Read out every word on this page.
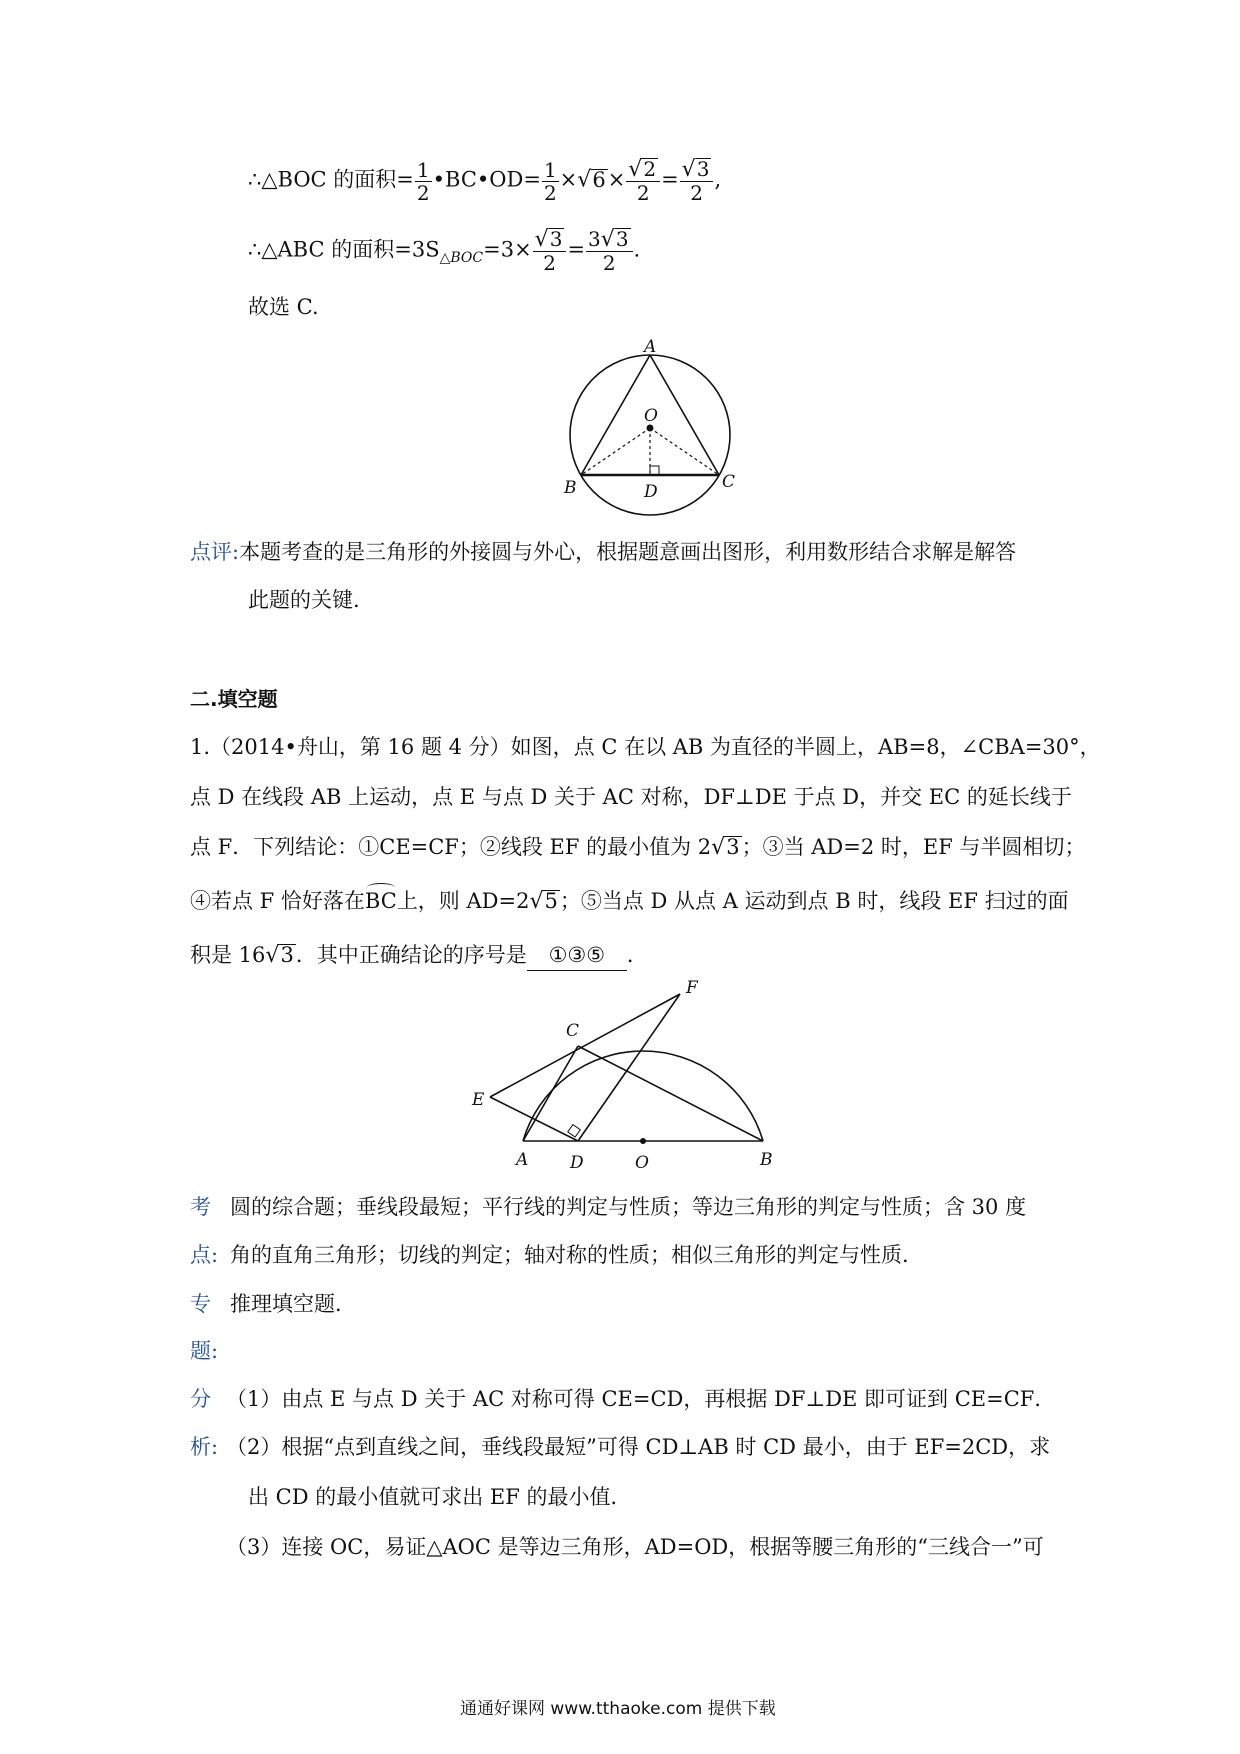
∴△BOC 的面积= $\frac{1}{2}$ •BC•OD= $\frac{1}{2} \times√6\times \frac{√2}{2} = \frac{√3}{2}$ ,
∴△ABC 的面积$=3S_{\triangle BOC}=3\times \frac{√3}{2} = \frac{3√3}{2}$ .
故选 C.
A
O
B	D	C
点评:本题考查的是三角形的外接圆与外心，根据题意画出图形，利用数形结合求解是解答
此题的关键.
二.填空题
1.（2014•舟山，第 16 题 4 分）如图，点 C 在以 AB 为直径的半圆上，AB=8，∠CBA=30°，
点 D 在线段 AB 上运动，点 E 与点 D 关于 AC 对称，DF⊥DE 于点 D，并交 EC 的延长线于
点 F．下列结论：①CE=CF；②线段 EF 的最小值为 2√3；③当 AD=2 时，EF 与半圆相切；
④若点 F 恰好落在BC上，则 AD=2√5；⑤当点 D 从点 A 运动到点 B 时，线段 EF 扫过的面
积是 16√3．其中正确结论的序号是 ①③⑤ ．
F
C
E
A D	O	B
考 圆的综合题；垂线段最短；平行线的判定与性质；等边三角形的判定与性质；含 30 度
点: 角的直角三角形；切线的判定；轴对称的性质；相似三角形的判定与性质．
专 推理填空题．
题:
分 （1）由点 E 与点 D 关于 AC 对称可得 CE=CD，再根据 DF⊥DE 即可证到 CE=CF．
析: （2）根据“点到直线之间，垂线段最短”可得 CD⊥AB 时 CD 最小，由于 EF=2CD，求
出 CD 的最小值就可求出 EF 的最小值．
（3）连接 OC，易证△AOC 是等边三角形，AD=OD，根据等腰三角形的“三线合一”可
通通好课网 www.tthaoke.com 提供下载
